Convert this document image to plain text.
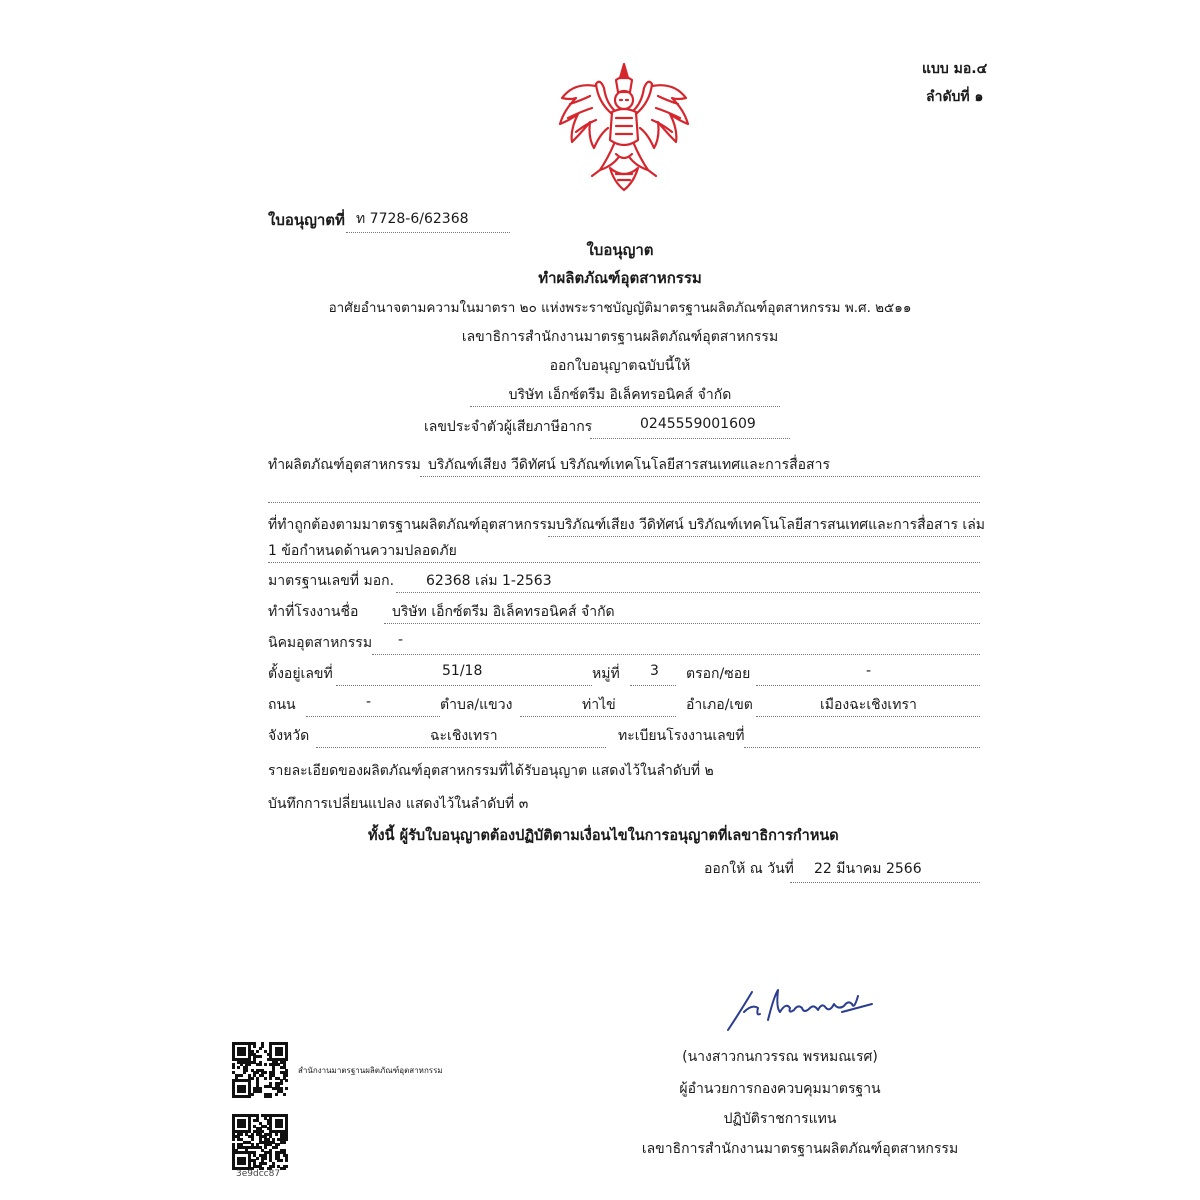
แบบ มอ.๔
ลำดับที่ ๑
ใบอนุญาตที่ ท 7728-6/62368
ใบอนุญาต
ทำผลิตภัณฑ์อุตสาหกรรม
อาศัยอำนาจตามความในมาตรา ๒๐ แห่งพระราชบัญญัติมาตรฐานผลิตภัณฑ์อุตสาหกรรม พ.ศ. ๒๕๑๑
เลขาธิการสำนักงานมาตรฐานผลิตภัณฑ์อุตสาหกรรม
ออกใบอนุญาตฉบับนี้ให้
บริษัท เอ็กซ์ตรีม อิเล็คทรอนิคส์ จำกัด
เลขประจำตัวผู้เสียภาษีอากร	0245559001609
ทำผลิตภัณฑ์อุตสาหกรรม บริภัณฑ์เสียง วีดิทัศน์ บริภัณฑ์เทคโนโลยีสารสนเทศและการสื่อสาร
ที่ทำถูกต้องตามมาตรฐานผลิตภัณฑ์อุตสาหกรรม บริภัณฑ์เสียง วีดิทัศน์ บริภัณฑ์เทคโนโลยีสารสนเทศและการสื่อสาร เล่ม
1 ข้อกำหนดด้านความปลอดภัย
มาตรฐานเลขที่ มอก. 62368 เล่ม 1-2563
ทำที่โรงงานชื่อ บริษัท เอ็กซ์ตรีม อิเล็คทรอนิคส์ จำกัด
นิคมอุตสาหกรรม -
ตั้งอยู่เลขที่	51/18	หมู่ที่ 3 ตรอก/ซอย	-
ถนน	-	ตำบล/แขวง	ท่าไข่	อำเภอ/เขต	เมืองฉะเชิงเทรา
จังหวัด	ฉะเชิงเทรา	ทะเบียนโรงงานเลขที่
รายละเอียดของผลิตภัณฑ์อุตสาหกรรมที่ได้รับอนุญาต แสดงไว้ในลำดับที่ ๒
บันทึกการเปลี่ยนแปลง แสดงไว้ในลำดับที่ ๓
ทั้งนี้ ผู้รับใบอนุญาตต้องปฏิบัติตามเงื่อนไขในการอนุญาตที่เลขาธิการกำหนด
ออกให้ ณ วันที่ 22 มีนาคม 2566
(นางสาวกนกวรรณ พรหมณเรศ)
ผู้อำนวยการกองควบคุมมาตรฐาน
ปฏิบัติราชการแทน
เลขาธิการสำนักงานมาตรฐานผลิตภัณฑ์อุตสาหกรรม
สำนักงานมาตรฐานผลิตภัณฑ์อุตสาหกรรม
3e9dcc87
